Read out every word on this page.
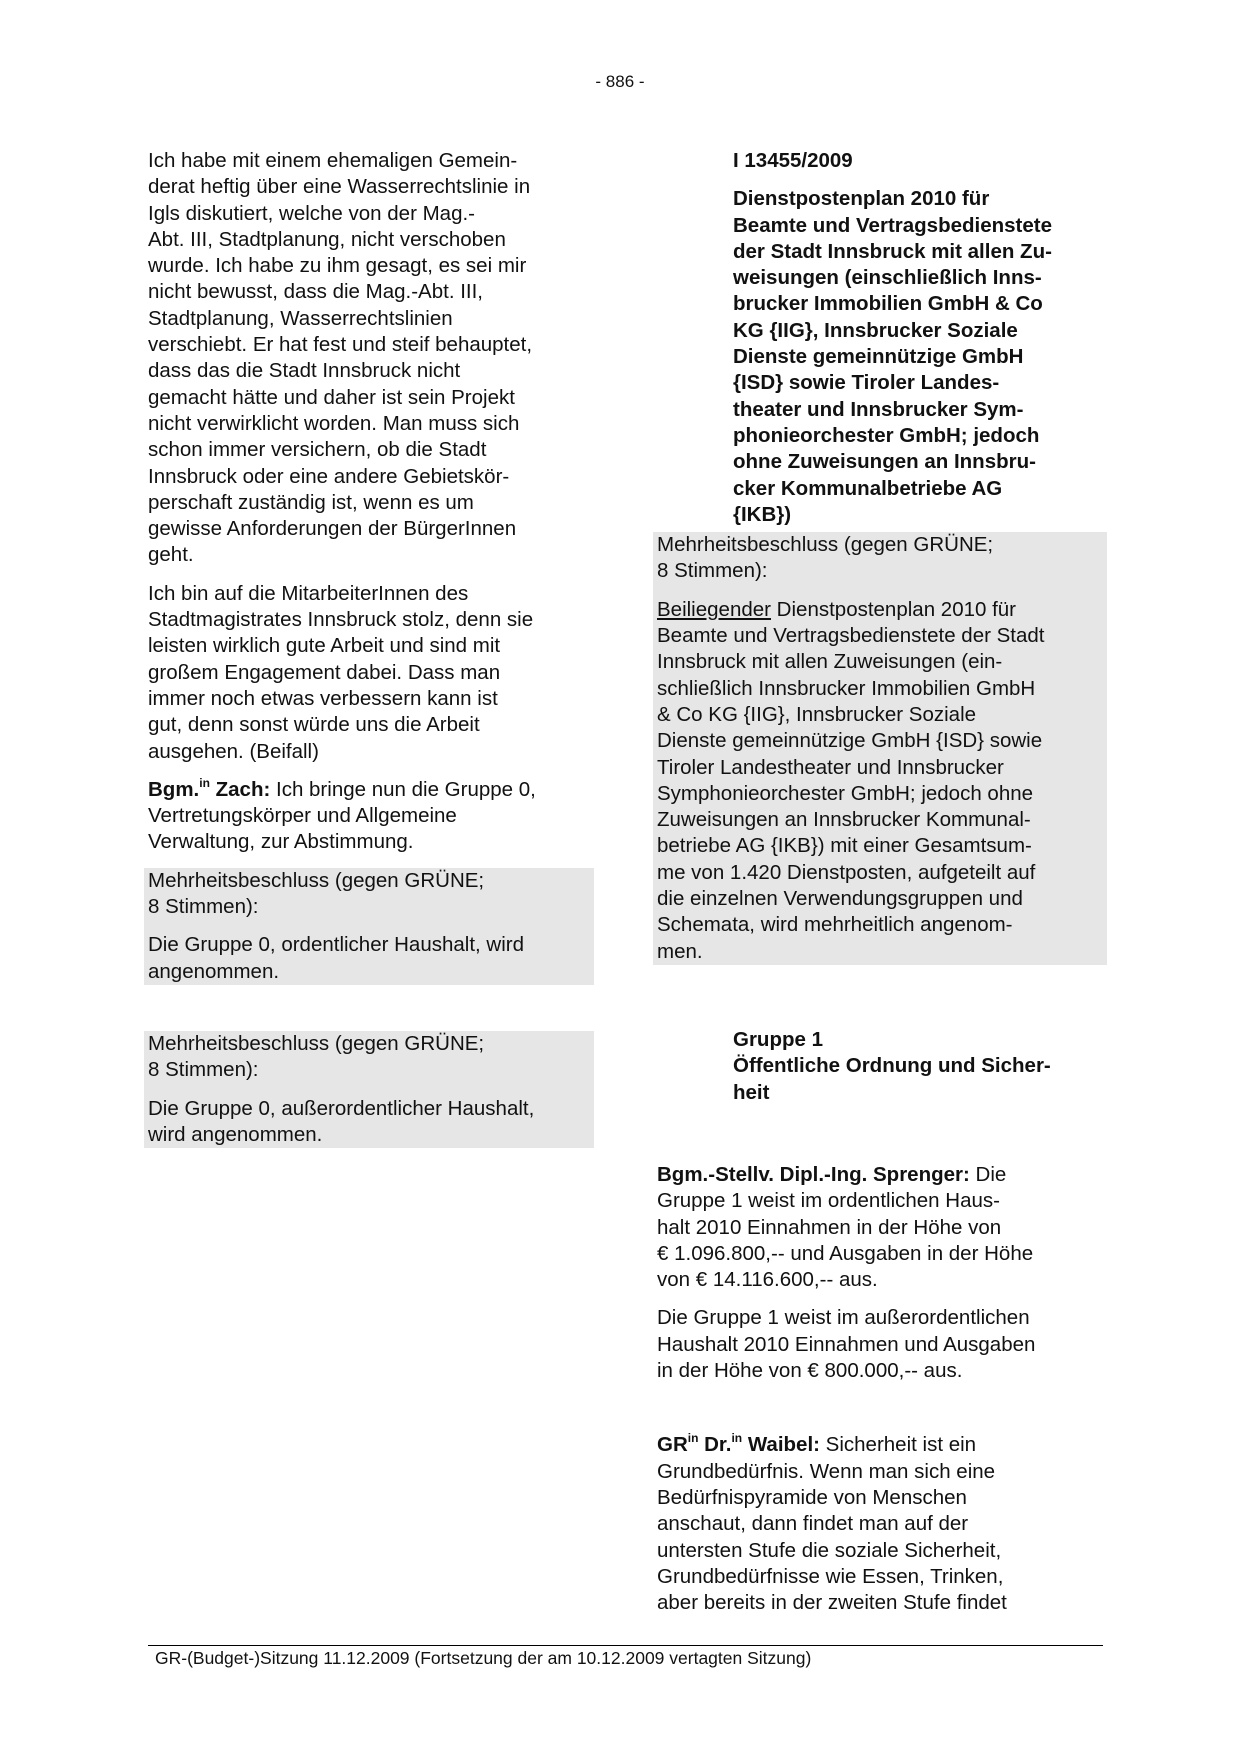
- 886 -

Ich habe mit einem ehemaligen Gemein-
derat heftig über eine Wasserrechtslinie in
Igls diskutiert, welche von der Mag.-
Abt. III, Stadtplanung, nicht verschoben
wurde. Ich habe zu ihm gesagt, es sei mir
nicht bewusst, dass die Mag.-Abt. III,
Stadtplanung, Wasserrechtslinien
verschiebt. Er hat fest und steif behauptet,
dass das die Stadt Innsbruck nicht
gemacht hätte und daher ist sein Projekt
nicht verwirklicht worden. Man muss sich
schon immer versichern, ob die Stadt
Innsbruck oder eine andere Gebietskör-
perschaft zuständig ist, wenn es um
gewisse Anforderungen der BürgerInnen
geht.

Ich bin auf die MitarbeiterInnen des
Stadtmagistrates Innsbruck stolz, denn sie
leisten wirklich gute Arbeit und sind mit
großem Engagement dabei. Dass man
immer noch etwas verbessern kann ist
gut, denn sonst würde uns die Arbeit
ausgehen. (Beifall)

Bgm.$^{in}$ Zach: Ich bringe nun die Gruppe 0,
Vertretungskörper und Allgemeine
Verwaltung, zur Abstimmung.

Mehrheitsbeschluss (gegen GRÜNE;
8 Stimmen):

Die Gruppe 0, ordentlicher Haushalt, wird
angenommen.

Mehrheitsbeschluss (gegen GRÜNE;
8 Stimmen):

Die Gruppe 0, außerordentlicher Haushalt,
wird angenommen.

I 13455/2009

Dienstpostenplan 2010 für
Beamte und Vertragsbedienstete
der Stadt Innsbruck mit allen Zu-
weisungen (einschließlich Inns-
brucker Immobilien GmbH & Co
KG {IIG}, Innsbrucker Soziale
Dienste gemeinnützige GmbH
{ISD} sowie Tiroler Landes-
theater und Innsbrucker Sym-
phonieorchester GmbH; jedoch
ohne Zuweisungen an Innsbru-
cker Kommunalbetriebe AG
{IKB})

Mehrheitsbeschluss (gegen GRÜNE;
8 Stimmen):

Beiliegender Dienstpostenplan 2010 für
Beamte und Vertragsbedienstete der Stadt
Innsbruck mit allen Zuweisungen (ein-
schließlich Innsbrucker Immobilien GmbH
& Co KG {IIG}, Innsbrucker Soziale
Dienste gemeinnützige GmbH {ISD} sowie
Tiroler Landestheater und Innsbrucker
Symphonieorchester GmbH; jedoch ohne
Zuweisungen an Innsbrucker Kommunal-
betriebe AG {IKB}) mit einer Gesamtsum-
me von 1.420 Dienstposten, aufgeteilt auf
die einzelnen Verwendungsgruppen und
Schemata, wird mehrheitlich angenom-
men.

Gruppe 1
Öffentliche Ordnung und Sicher-
heit

Bgm.-Stellv. Dipl.-Ing. Sprenger: Die
Gruppe 1 weist im ordentlichen Haus-
halt 2010 Einnahmen in der Höhe von
€ 1.096.800,-- und Ausgaben in der Höhe
von € 14.116.600,-- aus.

Die Gruppe 1 weist im außerordentlichen
Haushalt 2010 Einnahmen und Ausgaben
in der Höhe von € 800.000,-- aus.

$GR^{in}$ Dr.$^{in}$ Waibel: Sicherheit ist ein
Grundbedürfnis. Wenn man sich eine
Bedürfnispyramide von Menschen
anschaut, dann findet man auf der
untersten Stufe die soziale Sicherheit,
Grundbedürfnisse wie Essen, Trinken,
aber bereits in der zweiten Stufe findet

GR-(Budget-)Sitzung 11.12.2009 (Fortsetzung der am 10.12.2009 vertagten Sitzung)
